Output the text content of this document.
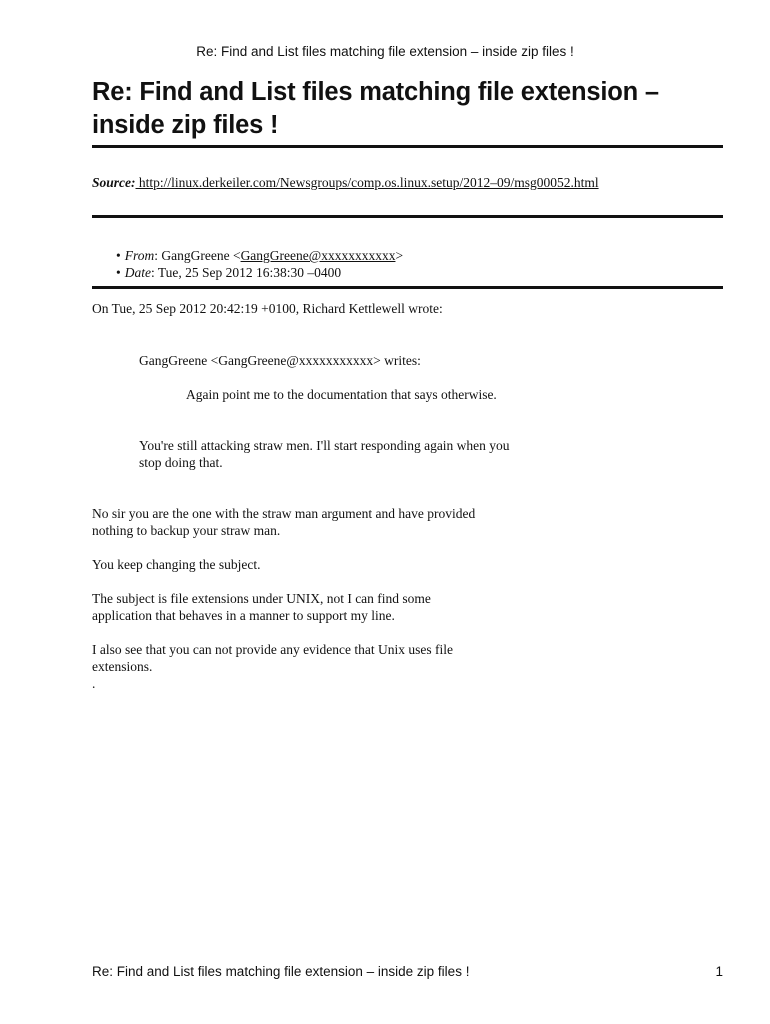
Re: Find and List files matching file extension – inside zip files !
Re: Find and List files matching file extension –
inside zip files !
Source: http://linux.derkeiler.com/Newsgroups/comp.os.linux.setup/2012–09/msg00052.html
• From: GangGreene <GangGreene@xxxxxxxxxxx>
• Date: Tue, 25 Sep 2012 16:38:30 –0400
On Tue, 25 Sep 2012 20:42:19 +0100, Richard Kettlewell wrote:
GangGreene <GangGreene@xxxxxxxxxxx> writes:
Again point me to the documentation that says otherwise.
You're still attacking straw men. I'll start responding again when you
stop doing that.
No sir you are the one with the straw man argument and have provided
nothing to backup your straw man.
You keep changing the subject.
The subject is file extensions under UNIX, not I can find some
application that behaves in a manner to support my line.
I also see that you can not provide any evidence that Unix uses file
extensions.
.
Re: Find and List files matching file extension – inside zip files !	1
